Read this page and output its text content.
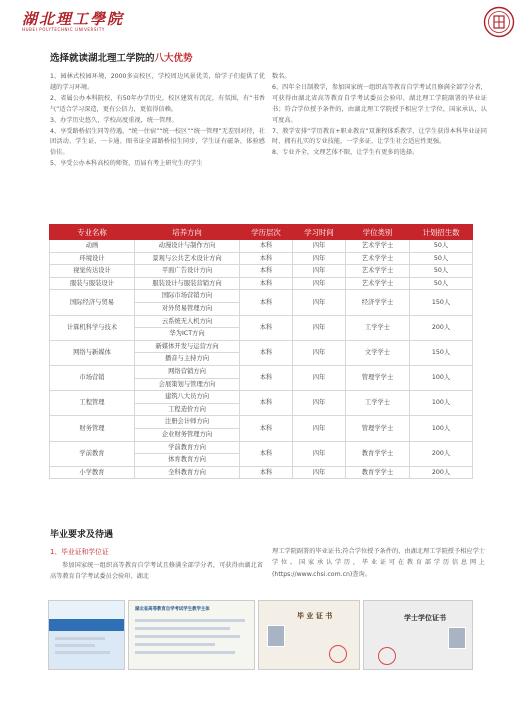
湖北理工學院
HUBEI POLYTECHNIC UNIVERSITY
选择就读湖北理工学院的八大优势

1、园林式校园环境，2000多亩校区，学校周边风景优美，给学子们提供了优越的学习环境。

2、省属公办本科院校，有50年办学历史，校区建筑有沉淀，有氛围，有“书香气”适合学习深造，更有公信力，更值得信赖。

3、办学历史悠久，学校高度重视，统一管理。

4、享受路桥招生同等待遇，“统一住宿”“统一校区”“统一管理”无差别对待，社团活动、学生证、一卡通、图书证全部路桥招生同步，学生证有磁条，体验感倍佳。

5、享受公办本科高校的师资，历届有考上研究生的学生

数名。

6、四年全日制教学，参加国家统一组织高等教育自学考试且修满全部学分者，可获得由湖北省高等教育自学考试委员会验印、湖北理工学院副署的毕业证书；符合学位授予条件的，由湖北理工学院授予相应学士学位，国家承认，认可度高。

7、教学安排“学历教育+职业教育”双课程体系教学，让学生获得本科毕业证同时，拥有扎实的专业技能，一学多证，让学生社会适应性更强。

8、专业齐全，文理艺体不限，让学生有更多的选择。

专业名称	培养方向	学历层次	学习时间	学位类别	计划招生数
动画	动漫设计与制作方向	本科	四年	艺术学学士	50人
环境设计	景观与公共艺术设计方向	本科	四年	艺术学学士	50人
视觉传达设计	平面广告设计方向	本科	四年	艺术学学士	50人
服装与服装设计	服装设计与服装营销方向	本科	四年	艺术学学士	50人
国际经济与贸易	国际市场营销方向	本科	四年	经济学学士	150人
	对外贸易管理方向				
计算机科学与技术	云系统无人机方向	本科	四年	工学学士	200人
	华为ICT方向				
网络与新媒体	新媒体开发与运营方向	本科	四年	文学学士	150人
	播音与主持方向				
市场营销	网络营销方向	本科	四年	管理学学士	100人
	会展策划与管理方向				
工程管理	建筑八大员方向	本科	四年	工学学士	100人
	工程造价方向				
财务管理	注册会计师方向	本科	四年	管理学学士	100人
	企业财务管理方向				
学前教育	学前教育方向	本科	四年	教育学学士	200人
	体育教育方向				
小学教育	全科教育方向	本科	四年	教育学学士	200人
毕业要求及待遇
1、毕业证和学位证

参加国家统一组织高等教育自学考试且修满全部学分者，可获得由湖北省高等教育自学考试委员会验印、湖北

理工学院副署的毕业证书;符合学位授予条件的，由湖北理工学院授予相应学士学位。国家承认学历，毕业证可在教育部学历信息网上(https://www.chsi.com.cn)查询。

湖北省高等教育自学考试学生教学主体
毕 业 证 书	学士学位证书
